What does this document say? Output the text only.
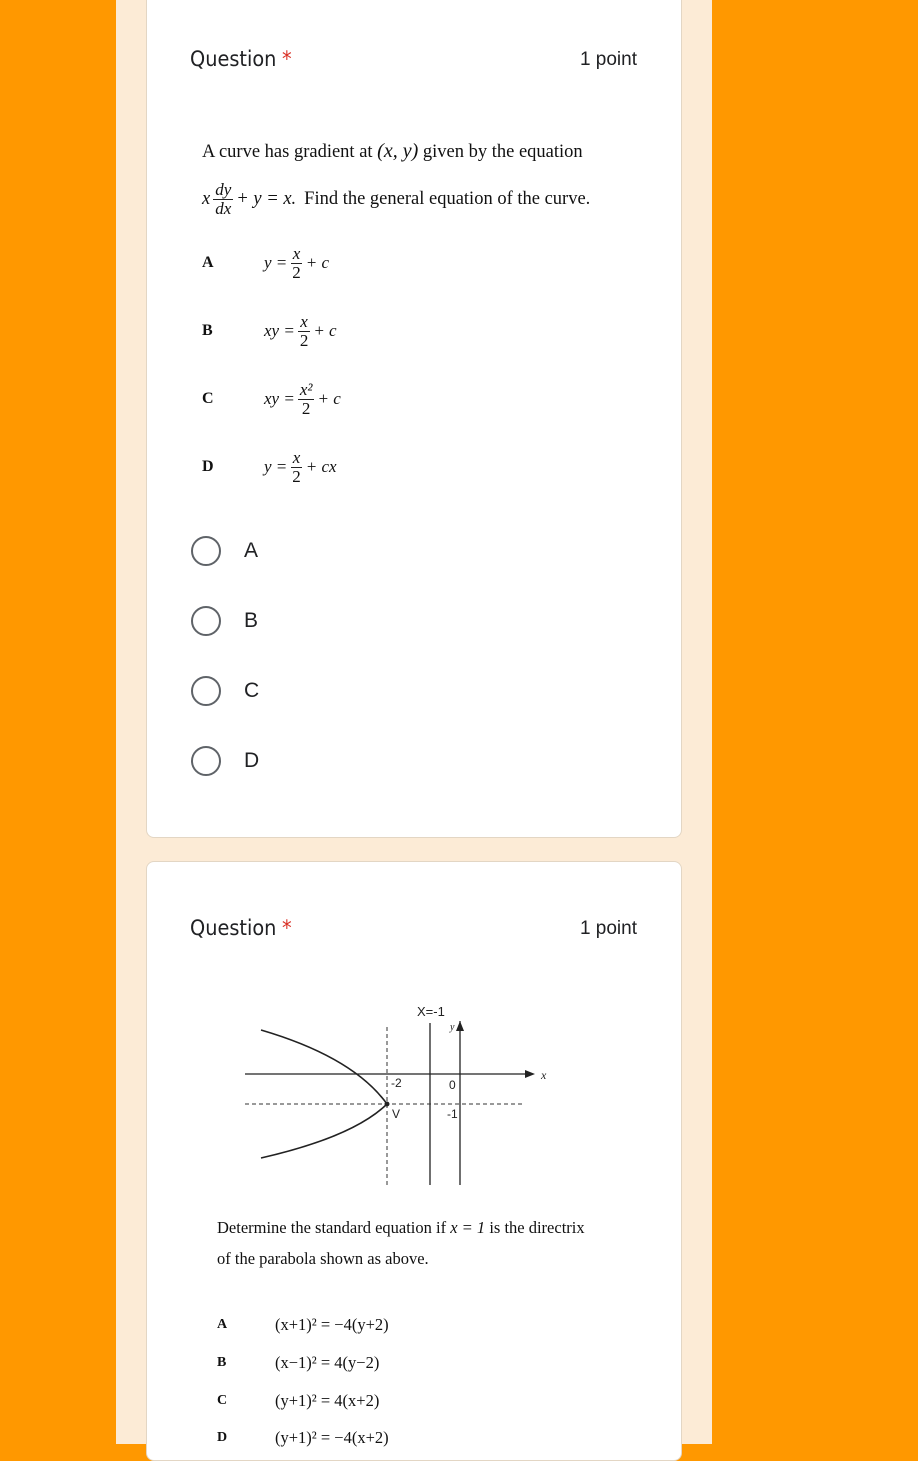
Question *	1 point
A curve has gradient at (x, y) given by the equation
x $\frac{dy}{dx} + y = x$. Find the general equation of the curve.
A	$y = \frac{x}{2} + c$
B	xy = $\frac{x}{2} + c$
C	xy = $\frac{\text{x²}}{2} + c$
D	$y = \frac{x}{2}$ + cx
A
B
C
D
Question *	1 point
X=-1
y
x
-2	0
-1
V
Determine the standard equation if x = 1 is the directrix
of the parabola shown as above.
A	(x+1)² = −4(y+2)
B	(x−1)² = 4(y−2)
C	(y+1)² = 4(x+2)
D	(y+1)² = −4(x+2)
